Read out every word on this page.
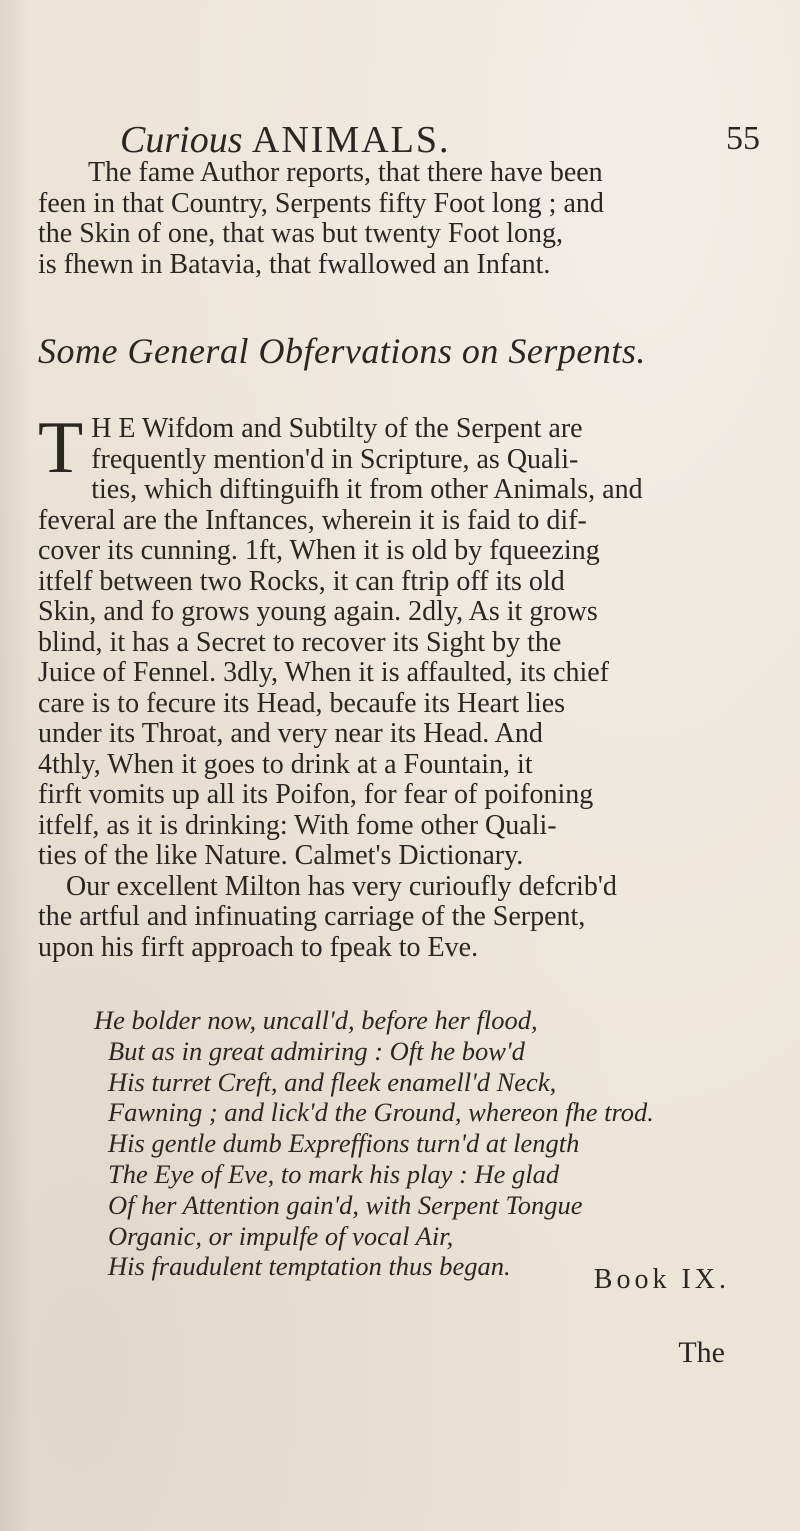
Curious ANIMALS.	55
The fame Author reports, that there have been
feen in that Country, Serpents fifty Foot long ; and
the Skin of one, that was but twenty Foot long,
is fhewn in Batavia, that fwallowed an Infant.
Some General Obfervations on Serpents.
T H E Wifdom and Subtilty of the Serpent are
frequently mention'd in Scripture, as Quali-
ties, which diftinguifh it from other Animals, and
feveral are the Inftances, wherein it is faid to dif-
cover its cunning. 1ft, When it is old by fqueezing
itfelf between two Rocks, it can ftrip off its old
Skin, and fo grows young again. 2dly, As it grows
blind, it has a Secret to recover its Sight by the
Juice of Fennel. 3dly, When it is affaulted, its chief
care is to fecure its Head, becaufe its Heart lies
under its Throat, and very near its Head. And
4thly, When it goes to drink at a Fountain, it
firft vomits up all its Poifon, for fear of poifoning
itfelf, as it is drinking: With fome other Quali-
ties of the like Nature. Calmet's Dictionary.
Our excellent Milton has very curioufly defcrib'd
the artful and infinuating carriage of the Serpent,
upon his firft approach to fpeak to Eve.
He bolder now, uncall'd, before her flood,
But as in great admiring : Oft he bow'd
His turret Creft, and fleek enamell'd Neck,
Fawning ; and lick'd the Ground, whereon fhe trod.
His gentle dumb Expreffions turn'd at length
The Eye of Eve, to mark his play : He glad
Of her Attention gain'd, with Serpent Tongue
Organic, or impulfe of vocal Air,
His fraudulent temptation thus began.	Book IX.
The
